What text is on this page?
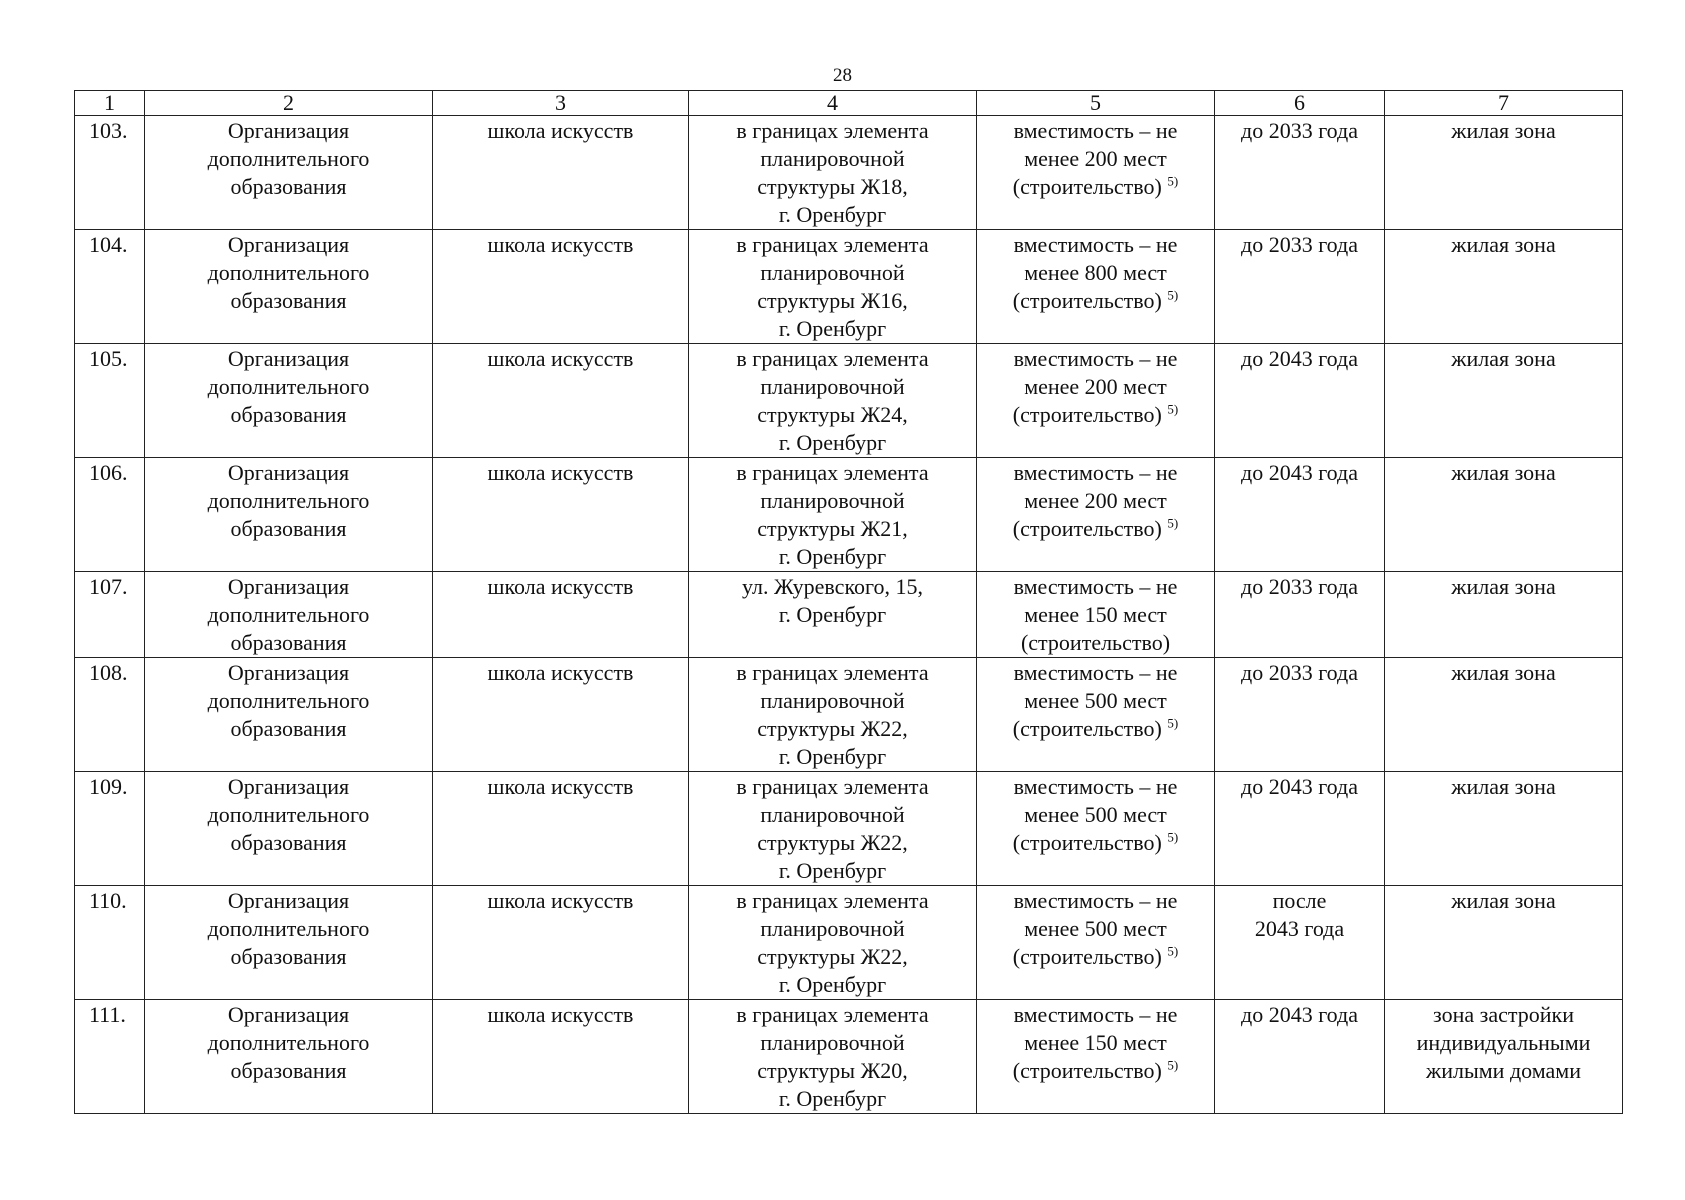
28
1	2	3	4	5	6	7
103.	Организация
дополнительного
образования	школа искусств	в границах элемента
планировочной
структуры Ж18,
г. Оренбург	вместимость – не
менее 200 мест
(строительство) $^{5)}$	до 2033 года	жилая зона
104.	Организация
дополнительного
образования	школа искусств	в границах элемента
планировочной
структуры Ж16,
г. Оренбург	вместимость – не
менее 800 мест
(строительство) $^{5)}$	до 2033 года	жилая зона
105.	Организация
дополнительного
образования	школа искусств	в границах элемента
планировочной
структуры Ж24,
г. Оренбург	вместимость – не
менее 200 мест
(строительство) $^{5)}$	до 2043 года	жилая зона
106.	Организация
дополнительного
образования	школа искусств	в границах элемента
планировочной
структуры Ж21,
г. Оренбург	вместимость – не
менее 200 мест
(строительство) $^{5)}$	до 2043 года	жилая зона
107.	Организация
дополнительного
образования	школа искусств	ул. Журевского, 15,
г. Оренбург	вместимость – не
менее 150 мест
(строительство)	до 2033 года	жилая зона
108.	Организация
дополнительного
образования	школа искусств	в границах элемента
планировочной
структуры Ж22,
г. Оренбург	вместимость – не
менее 500 мест
(строительство) $^{5)}$	до 2033 года	жилая зона
109.	Организация
дополнительного
образования	школа искусств	в границах элемента
планировочной
структуры Ж22,
г. Оренбург	вместимость – не
менее 500 мест
(строительство) $^{5)}$	до 2043 года	жилая зона
110.	Организация
дополнительного
образования	школа искусств	в границах элемента
планировочной
структуры Ж22,
г. Оренбург	вместимость – не
менее 500 мест
(строительство) $^{5)}$	после
2043 года	жилая зона
111.	Организация
дополнительного
образования	школа искусств	в границах элемента
планировочной
структуры Ж20,
г. Оренбург	вместимость – не
менее 150 мест
(строительство) $^{5)}$	до 2043 года	зона застройки
индивидуальными
жилыми домами
